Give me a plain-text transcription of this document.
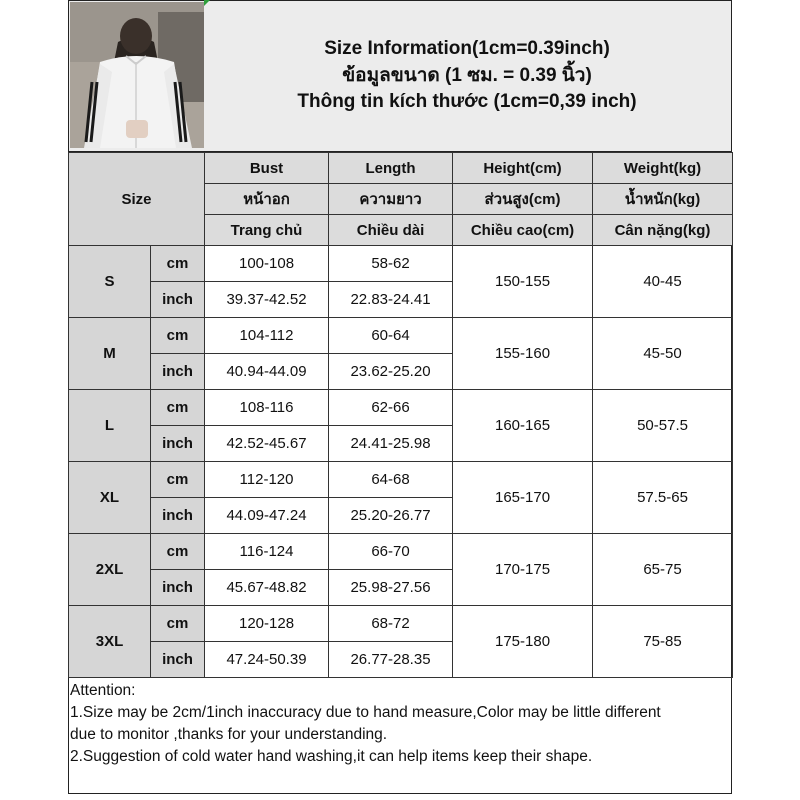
Size Information(1cm=0.39inch)
ข้อมูลขนาด (1 ซม. = 0.39 นิ้ว)
Thông tin kích thước (1cm=0,39 inch)
Size		Bust	Length	Height(cm)	Weight(kg)
		หน้าอก	ความยาว	ส่วนสูง(cm)	น้ำหนัก(kg)
		Trang chủ	Chiều dài	Chiều cao(cm)	Cân nặng(kg)
S	cm	100-108	58-62	150-155	40-45
	inch	39.37-42.52	22.83-24.41		
M	cm	104-112	60-64	155-160	45-50
	inch	40.94-44.09	23.62-25.20		
L	cm	108-116	62-66	160-165	50-57.5
	inch	42.52-45.67	24.41-25.98		
XL	cm	112-120	64-68	165-170	57.5-65
	inch	44.09-47.24	25.20-26.77		
2XL	cm	116-124	66-70	170-175	65-75
	inch	45.67-48.82	25.98-27.56		
3XL	cm	120-128	68-72	175-180	75-85
	inch	47.24-50.39	26.77-28.35		
Attention:
1.Size may be 2cm/1inch inaccuracy due to hand measure,Color may be little different
due to monitor ,thanks for your understanding.
2.Suggestion of cold water hand washing,it can help items keep their shape.
